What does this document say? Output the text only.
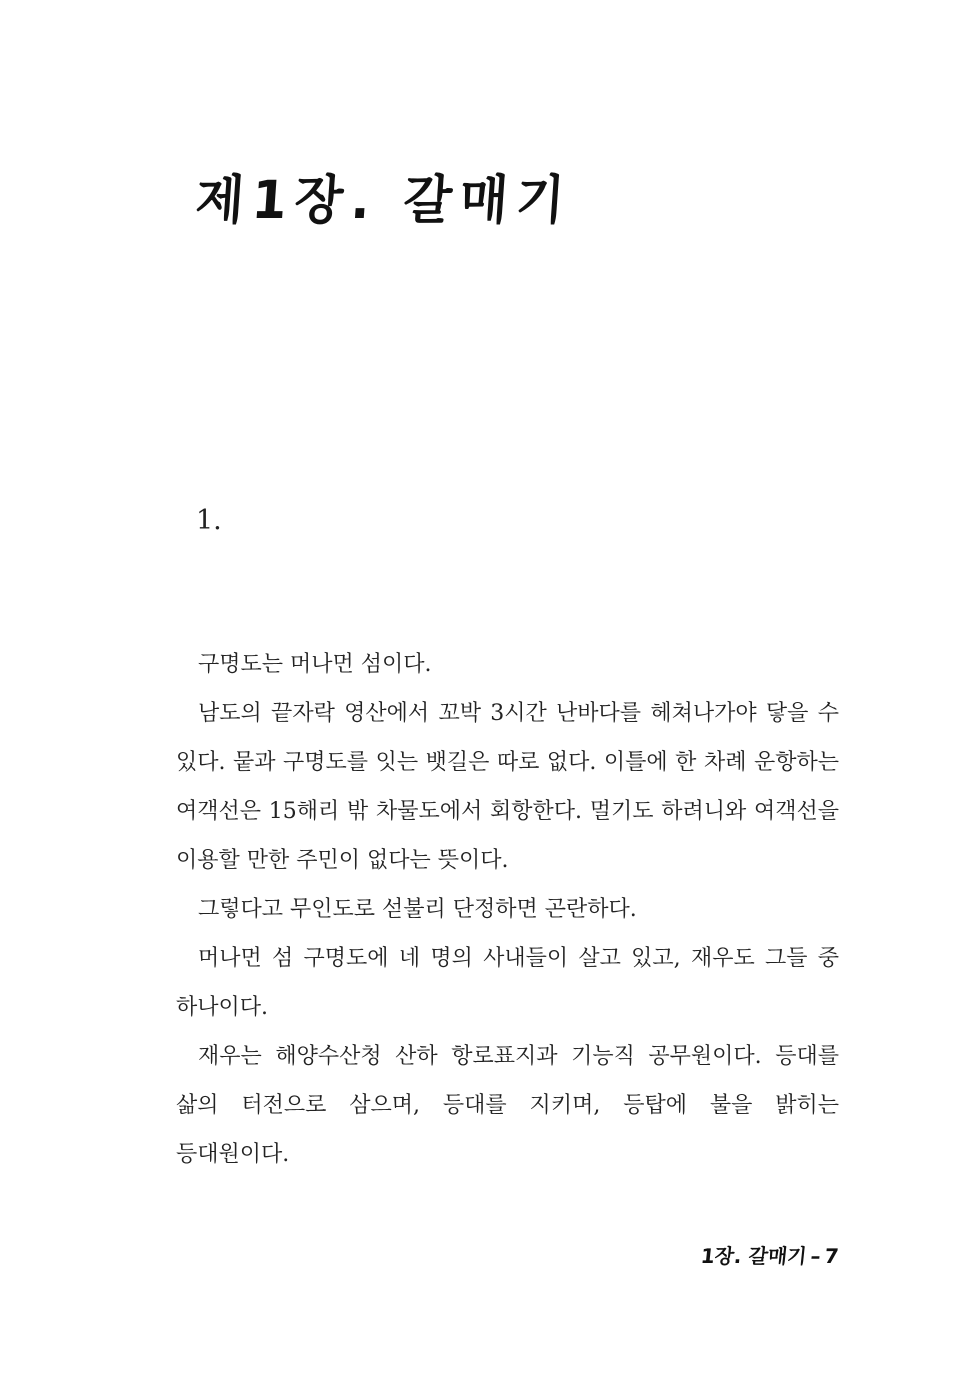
제1장. 갈매기
1.

구명도는 머나먼 섬이다.

남도의 끝자락 영산에서 꼬박 3시간 난바다를 헤쳐나가야 닿을 수 있다. 뭍과 구명도를 잇는 뱃길은 따로 없다. 이틀에 한 차례 운항하는 여객선은 15해리 밖 차물도에서 회항한다. 멀기도 하려니와 여객선을 이용할 만한 주민이 없다는 뜻이다.

그렇다고 무인도로 섣불리 단정하면 곤란하다.

머나먼 섬 구명도에 네 명의 사내들이 살고 있고, 재우도 그들 중 하나이다.

재우는 해양수산청 산하 항로표지과 기능직 공무원이다. 등대를 삶의 터전으로 삼으며, 등대를 지키며, 등탑에 불을 밝히는 등대원이다.

1장. 갈매기–7
